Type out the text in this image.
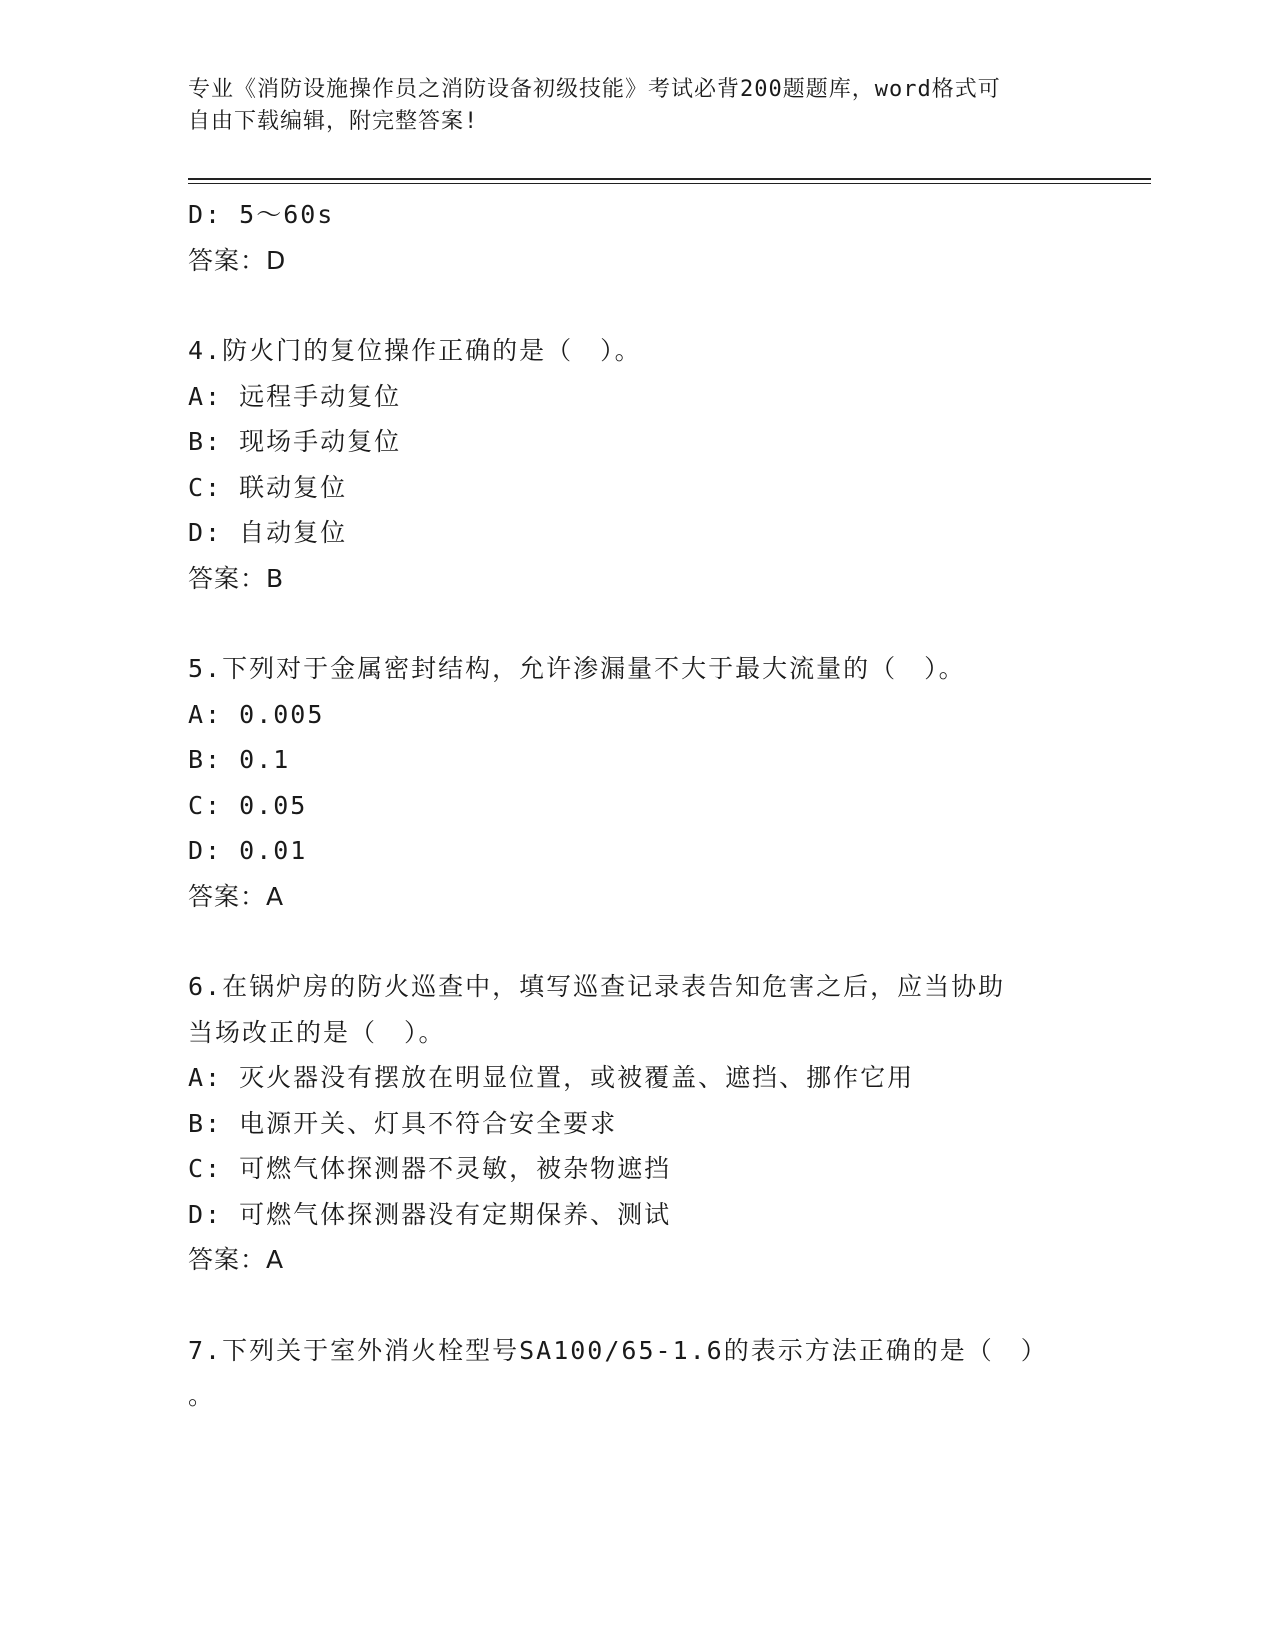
专业《消防设施操作员之消防设备初级技能》考试必背200题题库，word格式可
自由下载编辑，附完整答案!
D: 5～60s
答案：D
4.防火门的复位操作正确的是（　）。
A: 远程手动复位
B: 现场手动复位
C: 联动复位
D: 自动复位
答案：B
5.下列对于金属密封结构，允许渗漏量不大于最大流量的（　）。
A: 0.005
B: 0.1
C: 0.05
D: 0.01
答案：A
6.在锅炉房的防火巡查中，填写巡查记录表告知危害之后，应当协助
当场改正的是（　）。
A: 灭火器没有摆放在明显位置，或被覆盖、遮挡、挪作它用
B: 电源开关、灯具不符合安全要求
C: 可燃气体探测器不灵敏，被杂物遮挡
D: 可燃气体探测器没有定期保养、测试
答案：A
7.下列关于室外消火栓型号SA100/65-1.6的表示方法正确的是（　）
。
